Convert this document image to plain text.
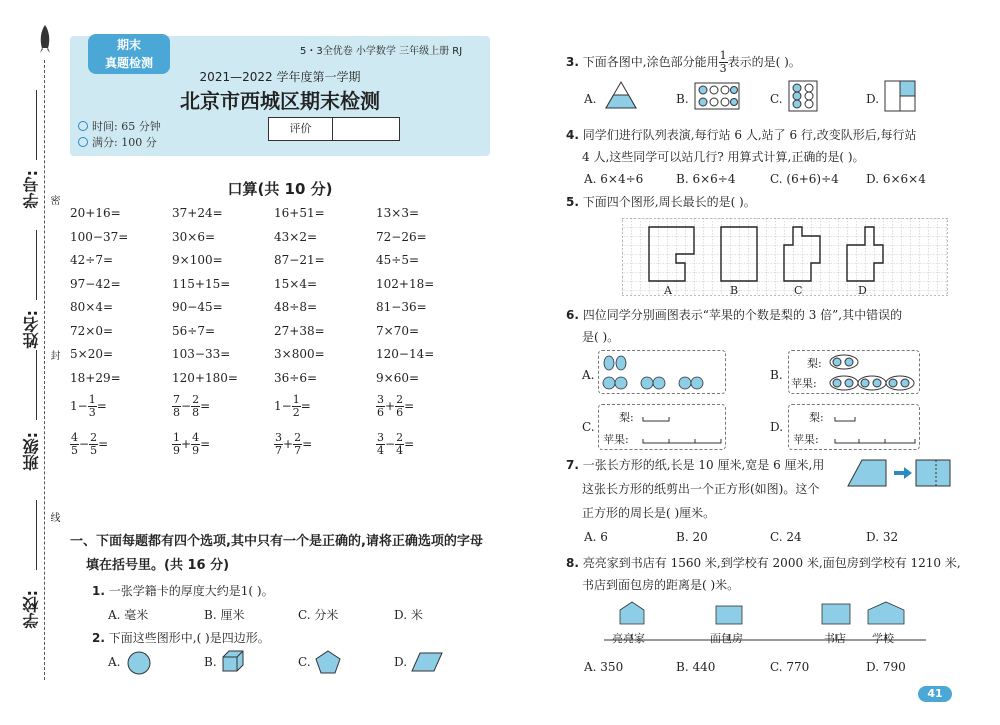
学号: 密
姓名:
封
班级:
线
学校:
5・3全优卷 小学数学 三年级上册 RJ
期末
真题检测
2021—2022 学年度第一学期
北京市西城区期末检测
时间: 65 分钟
满分: 100 分
评价
口算(共 10 分)
20+16=	37+24=	16+51=	13×3=
100−37=	30×6=	43×2=	72−26=
42÷7=	9×100=	87−21=	45÷5=
97−42=	115+15=	15×4=	102+18=
80×4=	90−45=	48÷8=	81−36=
72×0=	56÷7=	27+38=	7×70=
5×20=	103−33=	3×800=	120−14=
18+29=	120+180=	36÷6=	9×60=
$1- \frac{1}{3}$ =	$\frac{7}{8} - \frac{2}{8}$ =	$1- \frac{1}{2}$ =	$\frac{3}{6} + \frac{2}{6}$ =
$\frac{4}{5} - \frac{2}{5}$ =	$\frac{1}{9} + \frac{4}{9}$ =	$\frac{3}{7} + \frac{2}{7}$ =	$\frac{3}{4} - \frac{2}{4}$ =
一、下面每题都有四个选项,其中只有一个是正确的,请将正确选项的字母
填在括号里。(共 16 分)
1. 一张学籍卡的厚度大约是1( )。
A. 毫米	B. 厘米	C. 分米	D. 米
2. 下面这些图形中,( )是四边形。
A.	B.	C.	D.
3. 下面各图中,涂色部分能用 $\frac{1}{3}$ 表示的是( )。
A.	B.	C.	D.
4. 同学们进行队列表演,每行站 6 人,站了 6 行,改变队形后,每行站
4 人,这些同学可以站几行? 用算式计算,正确的是( )。
A. 6×4÷6	B. 6×6÷4	C. (6+6)÷4 D. 6×6×4
5. 下面四个图形,周长最长的是( )。
A	B	C	D
6. 四位同学分别画图表示“苹果的个数是梨的 3 倍”,其中错误的
是( )。
A.	B.
梨:
苹果:
C.
梨:
苹果:
D.
梨:
苹果:
7. 一张长方形的纸,长是 10 厘米,宽是 6 厘米,用
这张长方形的纸剪出一个正方形(如图)。这个
正方形的周长是( )厘米。
A. 6	B. 20	C. 24	D. 32
8. 亮亮家到书店有 1560 米,到学校有 2000 米,面包房到学校有 1210 米,
书店到面包房的距离是( )米。
亮亮家	面包房	书店 学校
A. 350	B. 440	C. 770	D. 790
41
